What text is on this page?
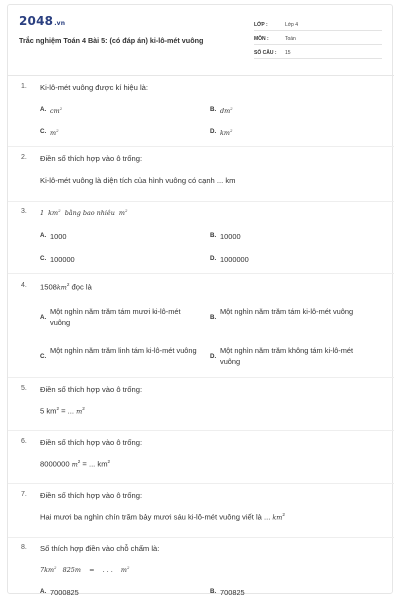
2048.vn
Trắc nghiệm Toán 4 Bài 5: (có đáp án) ki-lô-mét vuông
LỚP :	Lớp 4
MÔN :	Toán
SỐ CÂU : 15
1. Ki-lô-mét vuông được kí hiệu là:
A. $cm^2$	B. $dm^2$
C. $m^2$	D. $km^2$
2. Điền số thích hợp vào ô trống:
Ki-lô-mét vuông là diện tích của hình vuông có cạnh ... km
3. 1 $km^2$ bằng bao nhiêu $m^2$
A. 1000	B. 10000
C. 100000	D. 1000000
4. $1508km^2$ đọc là
A.
Một nghìn năm trăm tám mươi ki-lô-mét vuông
B.
Một nghìn năm trăm tám ki-lô-mét vuông
C.
Một nghìn năm trăm linh tám ki-lô-mét vuông
D.
Một nghìn năm trăm không tám ki-lô-mét vuông
5. Điền số thích hợp vào ô trống:
5 $km^2$ = ... $m^2$
6. Điền số thích hợp vào ô trống:
8000000 $m^2$ = ... $km^2$
7. Điền số thích hợp vào ô trống:
Hai mươi ba nghìn chín trăm bảy mươi sáu ki-lô-mét vuông viết là ... $km^2$
8. Số thích hợp điền vào chỗ chấm là:
$7km^2$ 825m = . . . $m^2$
A. 7000825	B. 700825
